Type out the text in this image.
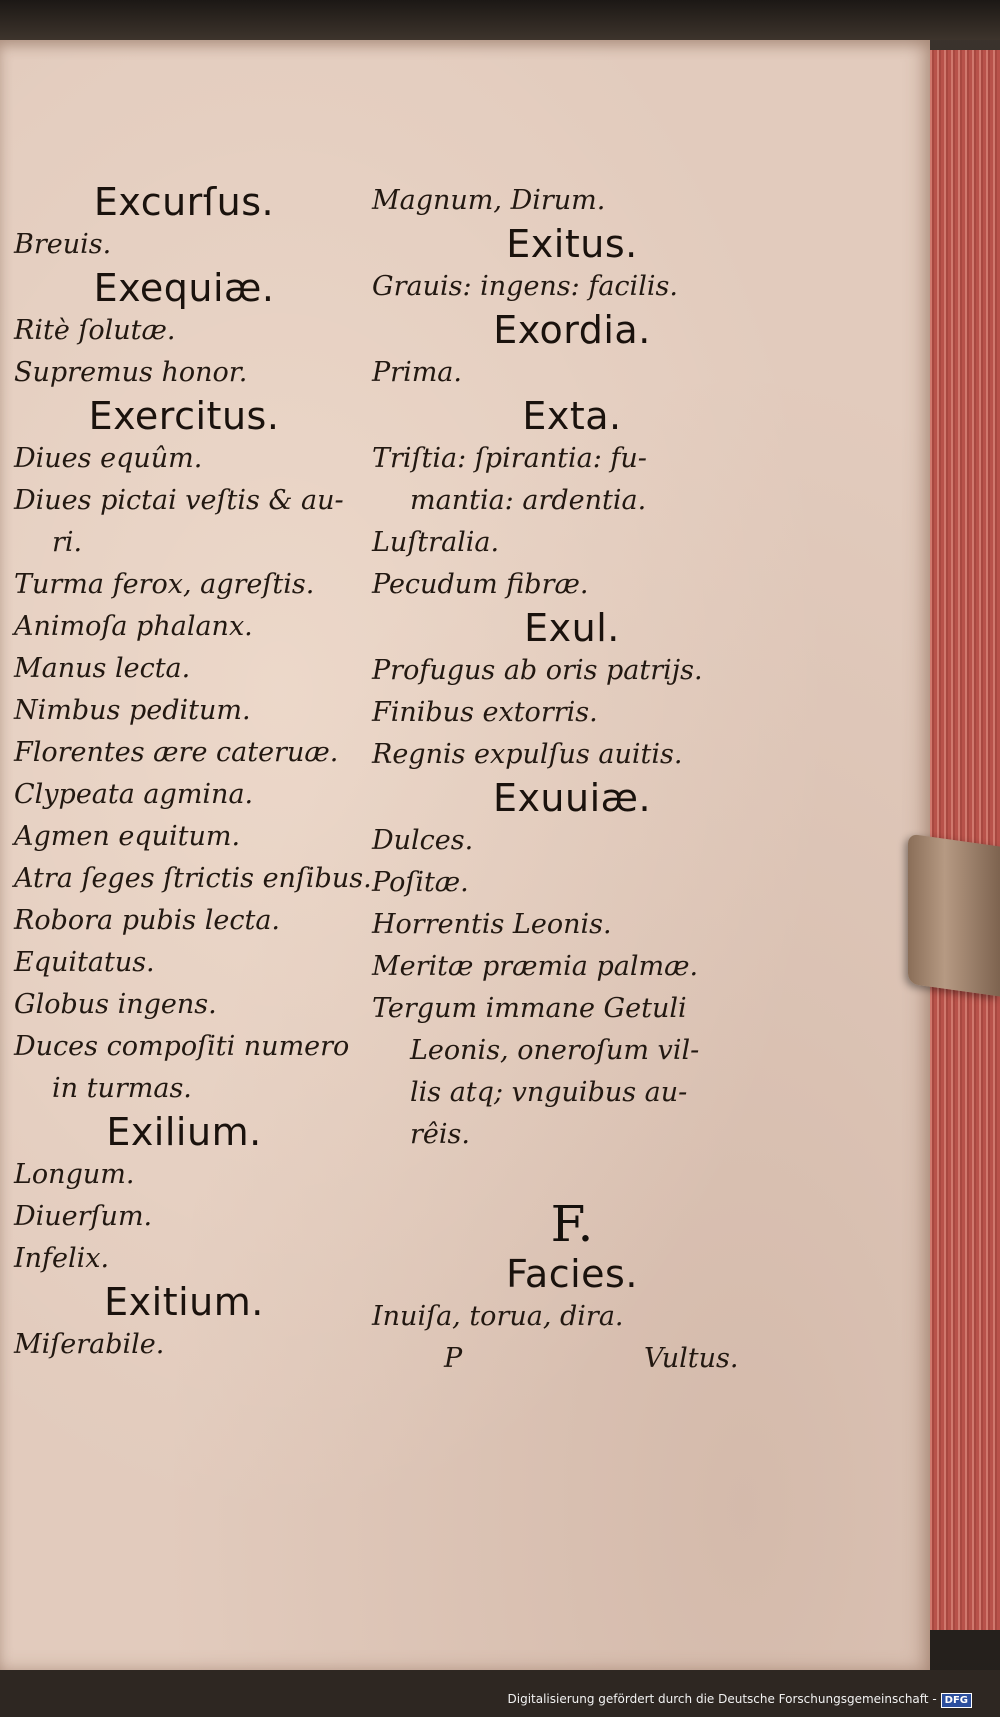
Excurſus.
Breuis.
Exequiæ.
Ritè ſolutæ.
Supremus honor.
Exercitus.
Diues equûm.
Diues pictai veſtis & au-
ri.
Turma ferox, agreſtis.
Animoſa phalanx.
Manus lecta.
Nimbus peditum.
Florentes ære cateruæ.
Clypeata agmina.
Agmen equitum.
Atra ſeges ſtrictis enſibus.
Robora pubis lecta.
Equitatus.
Globus ingens.
Duces compoſiti numero
in turmas.
Exilium.
Longum.
Diuerſum.
Infelix.
Exitium.
Miſerabile.
Magnum, Dirum.
Exitus.
Grauis: ingens: facilis.
Exordia.
Prima.
Exta.
Triſtia: ſpirantia: fu-
mantia: ardentia.
Luſtralia.
Pecudum fibræ.
Exul.
Profugus ab oris patrijs.
Finibus extorris.
Regnis expulſus auitis.
Exuuiæ.
Dulces.
Poſitæ.
Horrentis Leonis.
Meritæ præmia palmæ.
Tergum immane Getuli
Leonis, oneroſum vil-
lis atq; vnguibus au-
rêis.
F.
Facies.
Inuiſa, torua, dira.
P	Vultus.
Digitalisierung gefördert durch die Deutsche Forschungsgemeinschaft - DFG
